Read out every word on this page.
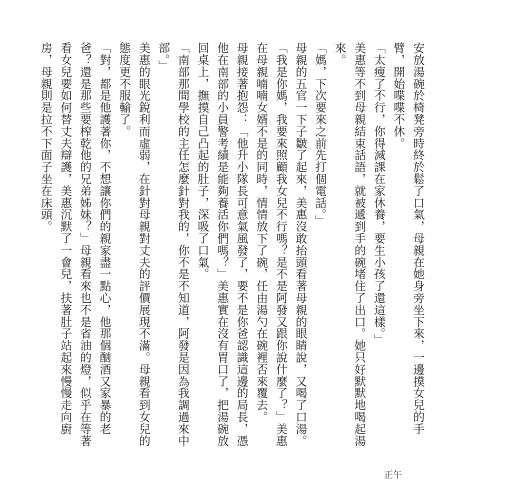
安放湯碗於椅凳旁時終於鬆了口氣，母親在她身旁坐下來，一邊摸女兒的手臂，開始喋喋不休。

「太瘦了不行，你得減課在家休養，要生小孩了還這樣。」

美惠等不到母親結束話語，就被遞到手的碗堵住了出口。她只好默默地喝起湯來。

「媽，下次要來之前先打個電話。」

母親的五官一下子皺了起來，美惠沒敢抬頭看著母親的眼睛說，又喝了口湯。

「我是你媽，我要來照顧我女兒不行嗎？是不是阿發又跟你說什麼了？」美惠在母親喃喃女婿不是的同時，情情放下了碗，任由湯勺在碗裡否來覆去。

母親接著抱怨：「他升小隊長可意氣風發了，要不是你爸認識這邊的局長，憑他在南部的小員警考績是能夠養活你們嗎？」美惠實在沒有胃口了，把湯碗放回桌上，撫摸自己凸起的肚子，深吸了口氣。

「南部那間學校的主任怎麼針對我的，你不是不知道，阿發是因為我調過來中部。」

美惠的眼光銳利而虛弱，在針對母親對丈夫的評價展現不滿。母親看到女兒的態度更不服輸了。

「對，都是他護著你，不想讓你們的親家盡一點心，他那個酗酒又家暴的老爸？還是那些要榨乾他的兄弟姊妹？」母親看來也不是省油的燈，似乎在等著看女兒要如何替丈夫辯護，美惠沉默了一會兒，扶著肚子站起來慢慢走向廚房，母親則是拉不下面子坐在床頭。

正午
